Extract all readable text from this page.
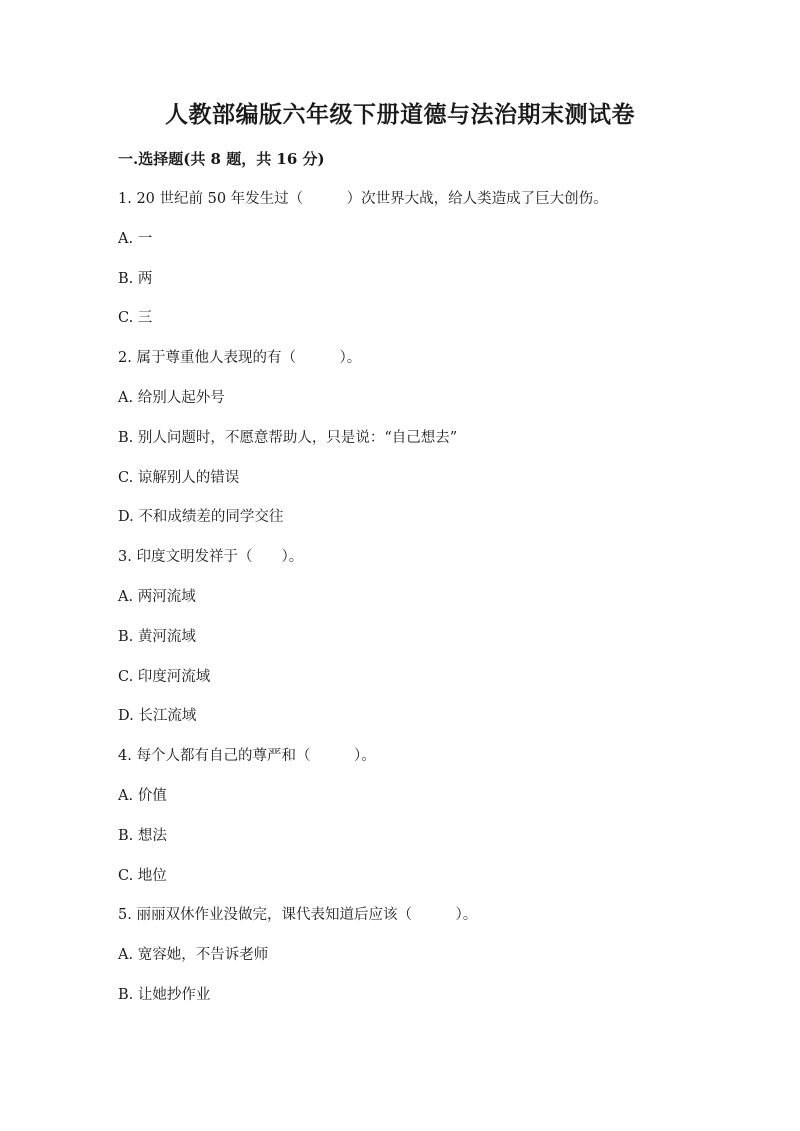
人教部编版六年级下册道德与法治期末测试卷
一.选择题(共 8 题，共 16 分)
1. 20 世纪前 50 年发生过（　　　）次世界大战，给人类造成了巨大创伤。
A. 一
B. 两
C. 三
2. 属于尊重他人表现的有（　　　）。
A. 给别人起外号
B. 别人问题时，不愿意帮助人，只是说：“自己想去”
C. 谅解别人的错误
D. 不和成绩差的同学交往
3. 印度文明发祥于（　　）。
A. 两河流域
B. 黄河流域
C. 印度河流域
D. 长江流域
4. 每个人都有自己的尊严和（　　　）。
A. 价值
B. 想法
C. 地位
5. 丽丽双休作业没做完，课代表知道后应该（　　　）。
A. 宽容她，不告诉老师
B. 让她抄作业
